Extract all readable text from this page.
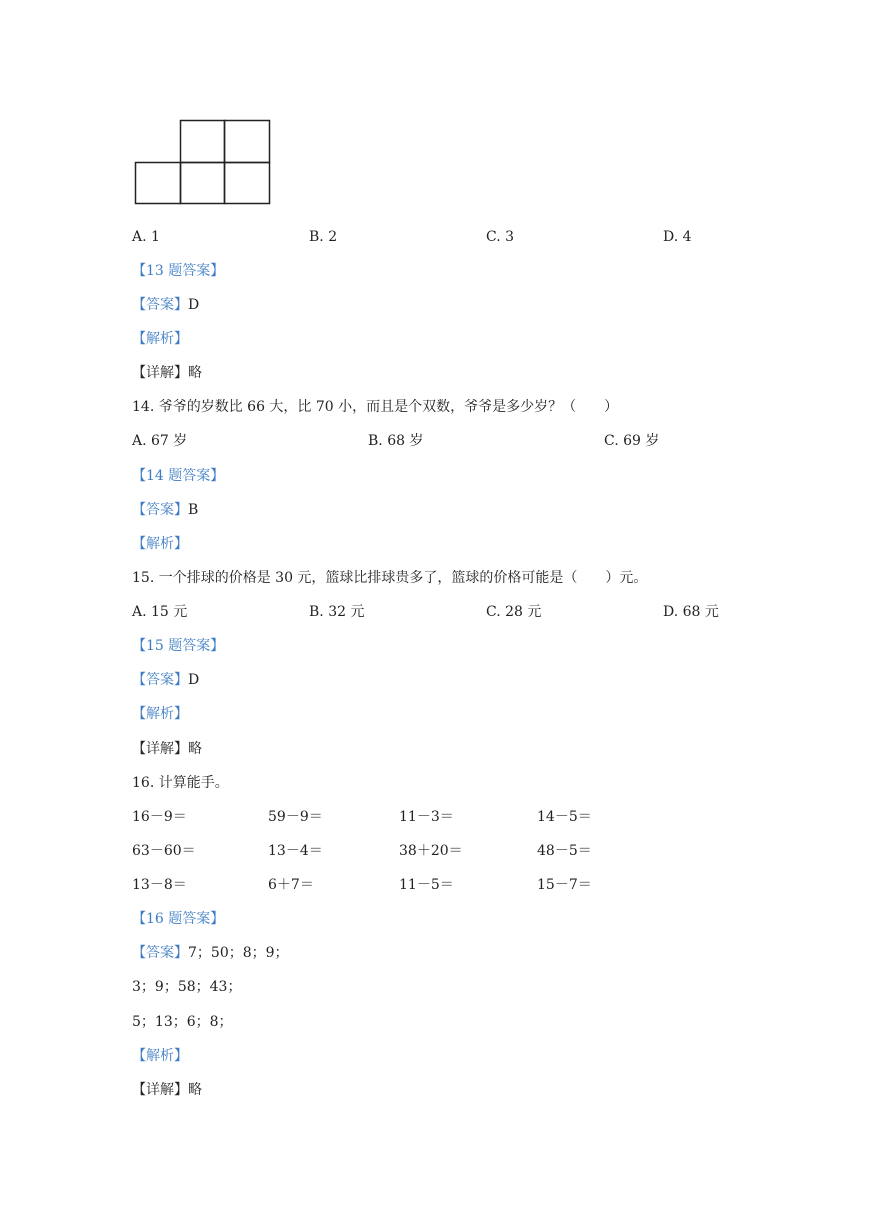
A. 1	B. 2	C. 3	D. 4
【13 题答案】
【答案】D
【解析】
【详解】略
14. 爷爷的岁数比 66 大，比 70 小，而且是个双数，爷爷是多少岁？（　　）
A. 67 岁	B. 68 岁	C. 69 岁
【14 题答案】
【答案】B
【解析】
15. 一个排球的价格是 30 元，篮球比排球贵多了，篮球的价格可能是（　　）元。
A. 15 元	B. 32 元	C. 28 元	D. 68 元
【15 题答案】
【答案】D
【解析】
【详解】略
16. 计算能手。
16－9＝	59－9＝	11－3＝	14－5＝
63－60＝	13－4＝	38＋20＝	48－5＝
13－8＝	6＋7＝	11－5＝	15－7＝
【16 题答案】
【答案】7；50；8；9；
3；9；58；43；
5；13；6；8；
【解析】
【详解】略
